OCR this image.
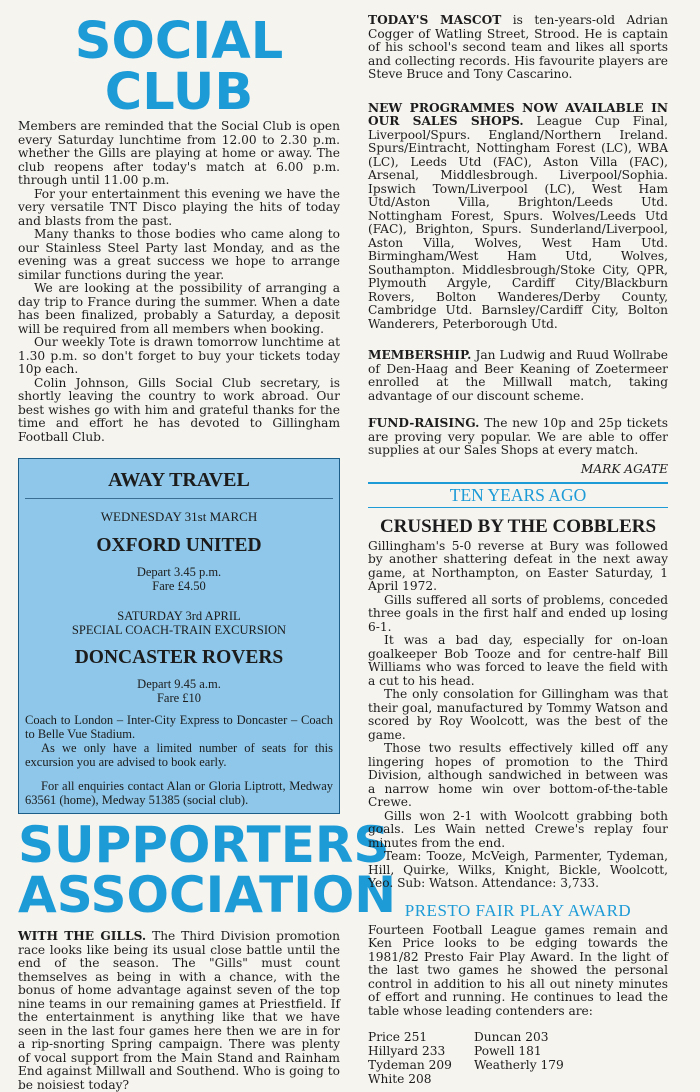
SOCIAL CLUB

Members are reminded that the Social Club is open every Saturday lunchtime from 12.00 to 2.30 p.m. whether the Gills are playing at home or away. The club reopens after today's match at 6.00 p.m. through until 11.00 p.m.

For your entertainment this evening we have the very versatile TNT Disco playing the hits of today and blasts from the past.

Many thanks to those bodies who came along to our Stainless Steel Party last Monday, and as the evening was a great success we hope to arrange similar functions during the year.

We are looking at the possibility of arranging a day trip to France during the summer. When a date has been finalized, probably a Saturday, a deposit will be required from all members when booking.

Our weekly Tote is drawn tomorrow lunchtime at 1.30 p.m. so don't forget to buy your tickets today 10p each.

Colin Johnson, Gills Social Club secretary, is shortly leaving the country to work abroad. Our best wishes go with him and grateful thanks for the time and effort he has devoted to Gillingham Football Club.

AWAY TRAVEL
WEDNESDAY 31st MARCH
OXFORD UNITED
Depart 3.45 p.m.
Fare £4.50
SATURDAY 3rd APRIL
SPECIAL COACH-TRAIN EXCURSION
DONCASTER ROVERS
Depart 9.45 a.m.
Fare £10

Coach to London – Inter-City Express to Doncaster – Coach to Belle Vue Stadium.

As we only have a limited number of seats for this excursion you are advised to book early.

For all enquiries contact Alan or Gloria Liptrott, Medway 63561 (home), Medway 51385 (social club).

SUPPORTERS
ASSOCIATION

WITH THE GILLS. The Third Division promotion race looks like being its usual close battle until the end of the season. The "Gills" must count themselves as being in with a chance, with the bonus of home advantage against seven of the top nine teams in our remaining games at Priestfield. If the entertainment is anything like that we have seen in the last four games here then we are in for a rip-snorting Spring campaign. There was plenty of vocal support from the Main Stand and Rainham End against Millwall and Southend. Who is going to be noisiest today?

TODAY'S MASCOT is ten-years-old Adrian Cogger of Watling Street, Strood. He is captain of his school's second team and likes all sports and collecting records. His favourite players are Steve Bruce and Tony Cascarino.

NEW PROGRAMMES NOW AVAILABLE IN OUR SALES SHOPS. League Cup Final, Liverpool/Spurs. England/Northern Ireland. Spurs/Eintracht, Nottingham Forest (LC), WBA (LC), Leeds Utd (FAC), Aston Villa (FAC), Arsenal, Middlesbrough. Liverpool/Sophia. Ipswich Town/Liverpool (LC), West Ham Utd/Aston Villa, Brighton/Leeds Utd. Nottingham Forest, Spurs. Wolves/Leeds Utd (FAC), Brighton, Spurs. Sunderland/Liverpool, Aston Villa, Wolves, West Ham Utd. Birmingham/West Ham Utd, Wolves, Southampton. Middlesbrough/Stoke City, QPR, Plymouth Argyle, Cardiff City/Blackburn Rovers, Bolton Wanderes/Derby County, Cambridge Utd. Barnsley/Cardiff City, Bolton Wanderers, Peterborough Utd.

MEMBERSHIP. Jan Ludwig and Ruud Wollrabe of Den-Haag and Beer Keaning of Zoetermeer enrolled at the Millwall match, taking advantage of our discount scheme.

FUND-RAISING. The new 10p and 25p tickets are proving very popular. We are able to offer supplies at our Sales Shops at every match.

MARK AGATE
TEN YEARS AGO
CRUSHED BY THE COBBLERS

Gillingham's 5-0 reverse at Bury was followed by another shattering defeat in the next away game, at Northampton, on Easter Saturday, 1 April 1972.

Gills suffered all sorts of problems, conceded three goals in the first half and ended up losing 6-1.

It was a bad day, especially for on-loan goalkeeper Bob Tooze and for centre-half Bill Williams who was forced to leave the field with a cut to his head.

The only consolation for Gillingham was that their goal, manufactured by Tommy Watson and scored by Roy Woolcott, was the best of the game.

Those two results effectively killed off any lingering hopes of promotion to the Third Division, although sandwiched in between was a narrow home win over bottom-of-the-table Crewe.

Gills won 2-1 with Woolcott grabbing both goals. Les Wain netted Crewe's replay four minutes from the end.

Team: Tooze, McVeigh, Parmenter, Tydeman, Hill, Quirke, Wilks, Knight, Bickle, Woolcott, Yeo. Sub: Watson. Attendance: 3,733.

PRESTO FAIR PLAY AWARD

Fourteen Football League games remain and Ken Price looks to be edging towards the 1981/82 Presto Fair Play Award. In the light of the last two games he showed the personal control in addition to his all out ninety minutes of effort and running. He continues to lead the table whose leading contenders are:

Price 251	Duncan 203
Hillyard 233	Powell 181
Tydeman 209	Weatherly 179
White 208
